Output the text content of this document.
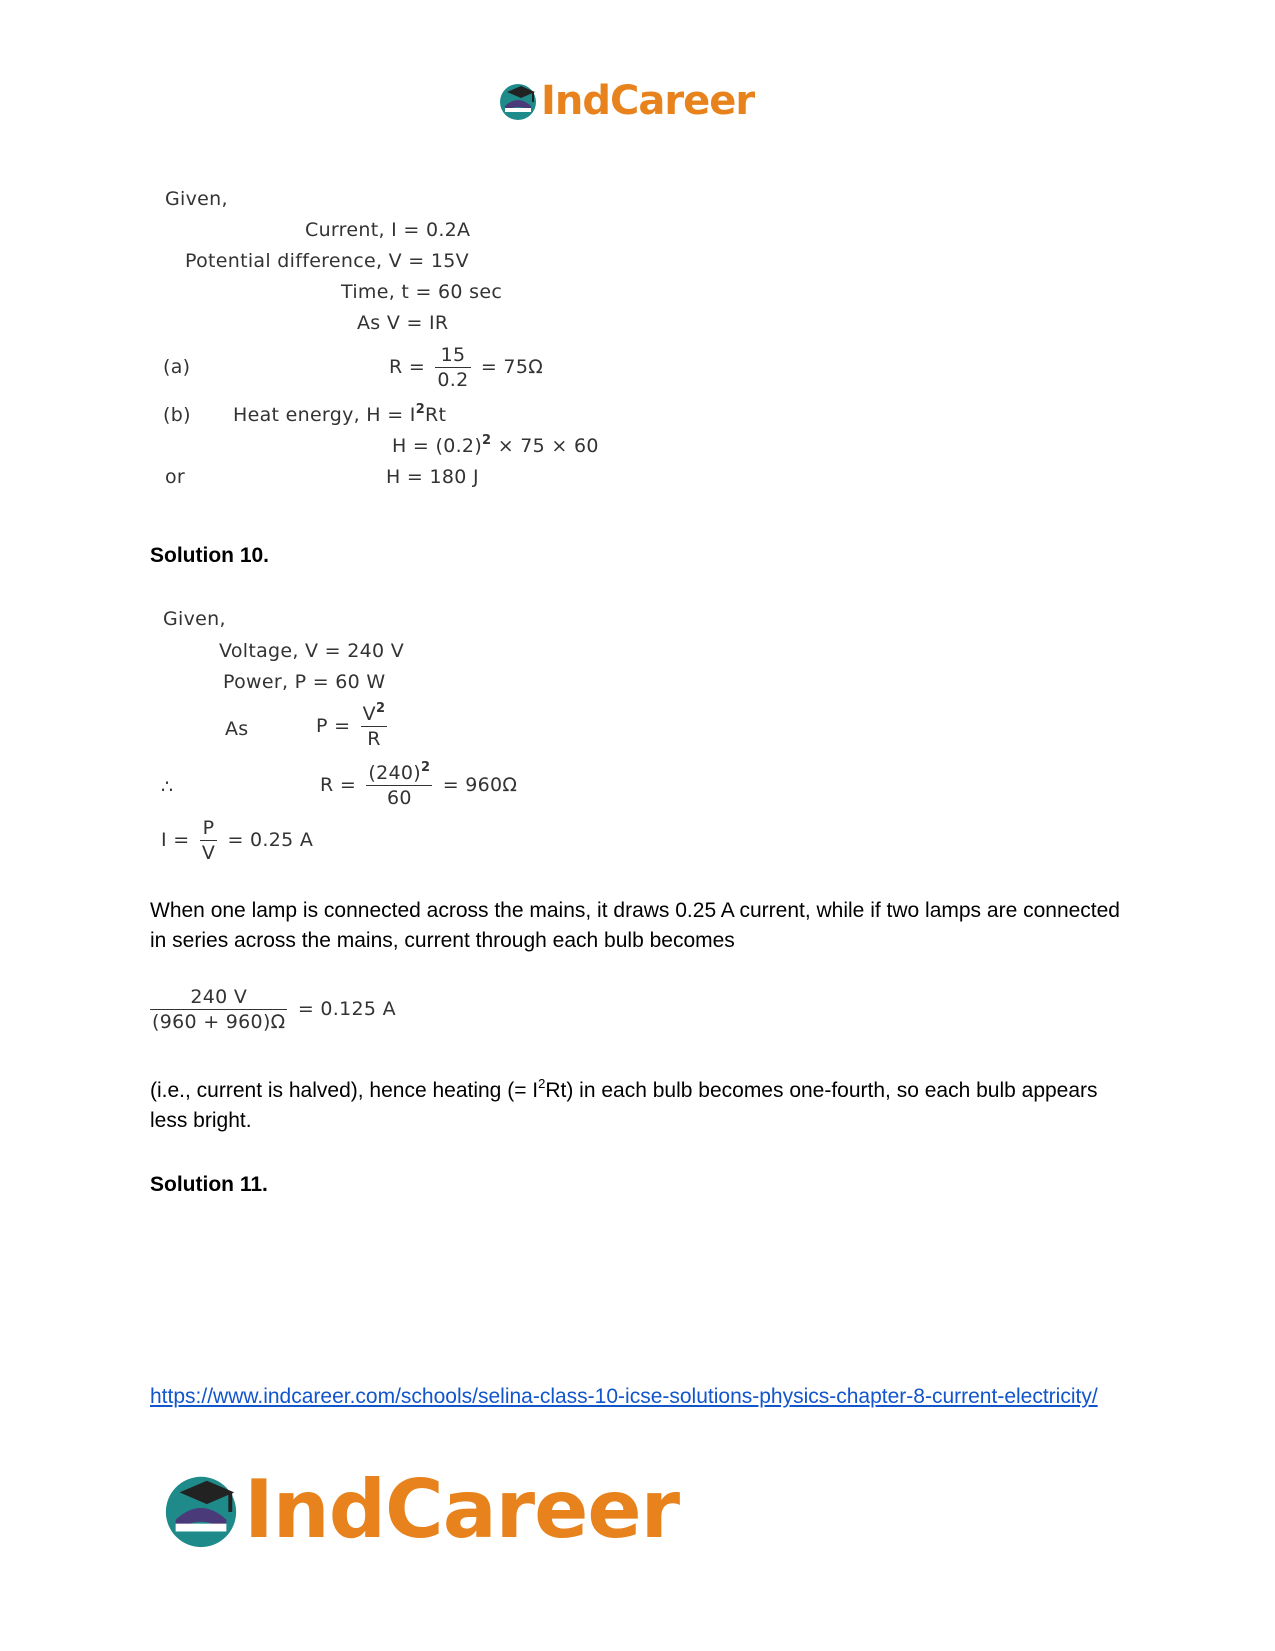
IndCareer
Given,
Current, I = 0.2A
Potential difference, V = 15V
Time, t = 60 sec
As V = IR
(a)	$R = \frac{15}{0.2} = 75\Omega$
(b) Heat energy, $H = I^2Rt$
$H = (0.2)^2 \times 75 \times 60$
or	H = 180 J
Solution 10.
Given,
Voltage, V = 240 V
Power, P = 60 W
As	$P = \frac{V^2}{R}$
∴	$R = \frac{(240)^2}{60} = 960\Omega$
$I = \frac{P}{V} = 0.25$ A
When one lamp is connected across the mains, it draws 0.25 A current, while if two lamps are connected in series across the mains, current through each bulb becomes
$\frac{240 V}{(960 + 960)\Omega} = 0.125$ A
(i.e., current is halved), hence heating (= $I^2Rt$) in each bulb becomes one-fourth, so each bulb appears less bright.
Solution 11.
https://www.indcareer.com/schools/selina-class-10-icse-solutions-physics-chapter-8-current-electricity/
IndCareer
